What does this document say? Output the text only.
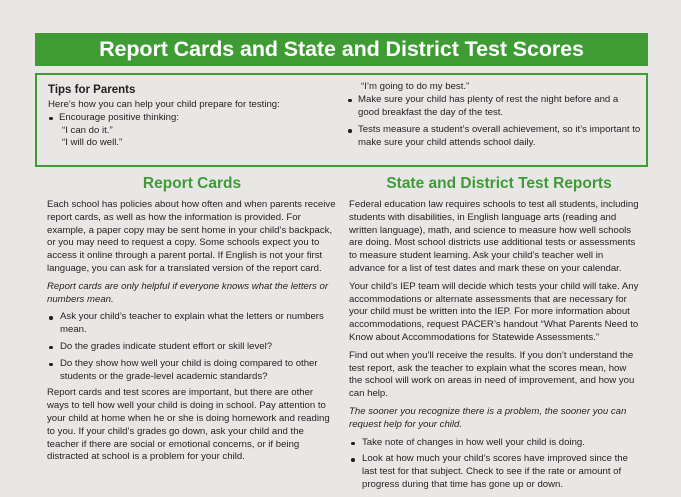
Report Cards and State and District Test Scores
Tips for Parents
Here’s how you can help your child prepare for testing:
Encourage positive thinking:
“I can do it.”
“I will do well.”
“I’m going to do my best.”
Make sure your child has plenty of rest the night before and a good breakfast the day of the test.
Tests measure a student’s overall achievement, so it’s important to make sure your child attends school daily.
Report Cards

Each school has policies about how often and when parents receive report cards, as well as how the information is provided. For example, a paper copy may be sent home in your child’s backpack, or you may need to request a copy. Some schools expect you to access it online through a parent portal. If English is not your first language, you can ask for a translated version of the report card.

Report cards are only helpful if everyone knows what the letters or numbers mean.

Ask your child’s teacher to explain what the letters or numbers mean.
Do the grades indicate student effort or skill level?
Do they show how well your child is doing compared to other students or the grade-level academic standards?

Report cards and test scores are important, but there are other ways to tell how well your child is doing in school. Pay attention to your child at home when he or she is doing homework and reading to you. If your child’s grades go down, ask your child and the teacher if there are social or emotional concerns, or if being distracted at school is a problem for your child.

State and District Test Reports

Federal education law requires schools to test all students, including students with disabilities, in English language arts (reading and written language), math, and science to measure how well schools are doing. Most school districts use additional tests or assessments to measure student learning. Ask your child’s teacher well in advance for a list of test dates and mark these on your calendar.

Your child’s IEP team will decide which tests your child will take. Any accommodations or alternate assessments that are necessary for your child must be written into the IEP. For more information about accommodations, request PACER’s handout “What Parents Need to Know about Accommodations for Statewide Assessments.”

Find out when you’ll receive the results. If you don’t understand the test report, ask the teacher to explain what the scores mean, how the school will work on areas in need of improvement, and how you can help.

The sooner you recognize there is a problem, the sooner you can request help for your child.

Take note of changes in how well your child is doing.
Look at how much your child’s scores have improved since the last test for that subject. Check to see if the rate or amount of progress during that time has gone up or down.
